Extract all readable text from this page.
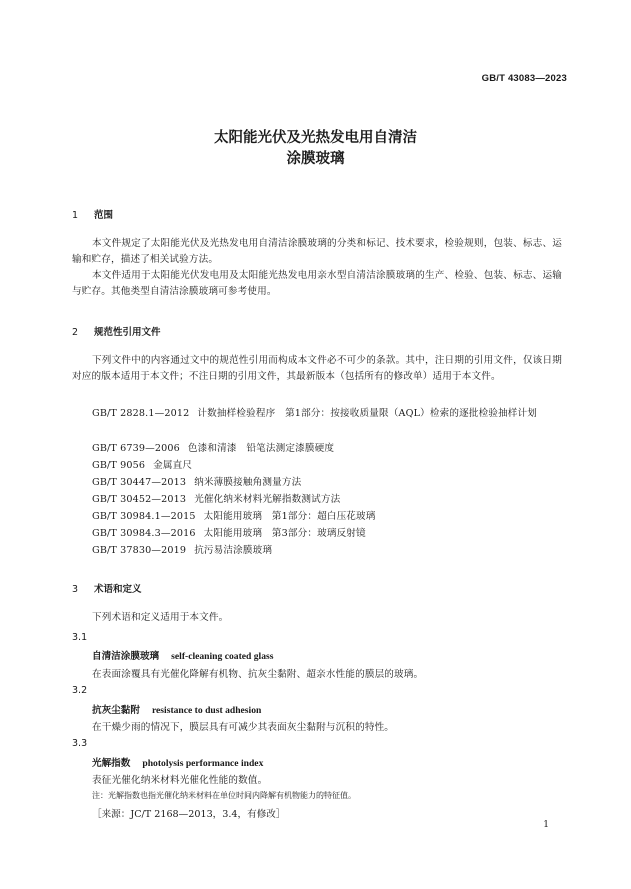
GB/T 43083—2023
太阳能光伏及光热发电用自清洁
涂膜玻璃
1 范围
本文件规定了太阳能光伏及光热发电用自清洁涂膜玻璃的分类和标记、技术要求，检验规则，包装、标志、运输和贮存，描述了相关试验方法。
本文件适用于太阳能光伏发电用及太阳能光热发电用亲水型自清洁涂膜玻璃的生产、检验、包装、标志、运输与贮存。其他类型自清洁涂膜玻璃可参考使用。
2 规范性引用文件
下列文件中的内容通过文中的规范性引用而构成本文件必不可少的条款。其中，注日期的引用文件，仅该日期对应的版本适用于本文件；不注日期的引用文件，其最新版本（包括所有的修改单）适用于本文件。
GB/T 2828.1—2012 计数抽样检验程序　第1部分：按接收质量限（AQL）检索的逐批检验抽样计划
GB/T 6739—2006 色漆和清漆　铅笔法测定漆膜硬度
GB/T 9056 金属直尺
GB/T 30447—2013 纳米薄膜接触角测量方法
GB/T 30452—2013 光催化纳米材料光解指数测试方法
GB/T 30984.1—2015 太阳能用玻璃　第1部分：超白压花玻璃
GB/T 30984.3—2016 太阳能用玻璃　第3部分：玻璃反射镜
GB/T 37830—2019 抗污易洁涂膜玻璃
3 术语和定义
下列术语和定义适用于本文件。
3.1
自清洁涂膜玻璃 self-cleaning coated glass
在表面涂覆具有光催化降解有机物、抗灰尘黏附、超亲水性能的膜层的玻璃。
3.2
抗灰尘黏附 resistance to dust adhesion
在干燥少雨的情况下，膜层具有可减少其表面灰尘黏附与沉积的特性。
3.3
光解指数 photolysis performance index
表征光催化纳米材料光催化性能的数值。
注：光解指数也指光催化纳米材料在单位时间内降解有机物能力的特征值。
［来源：JC/T 2168—2013，3.4，有修改］
1
